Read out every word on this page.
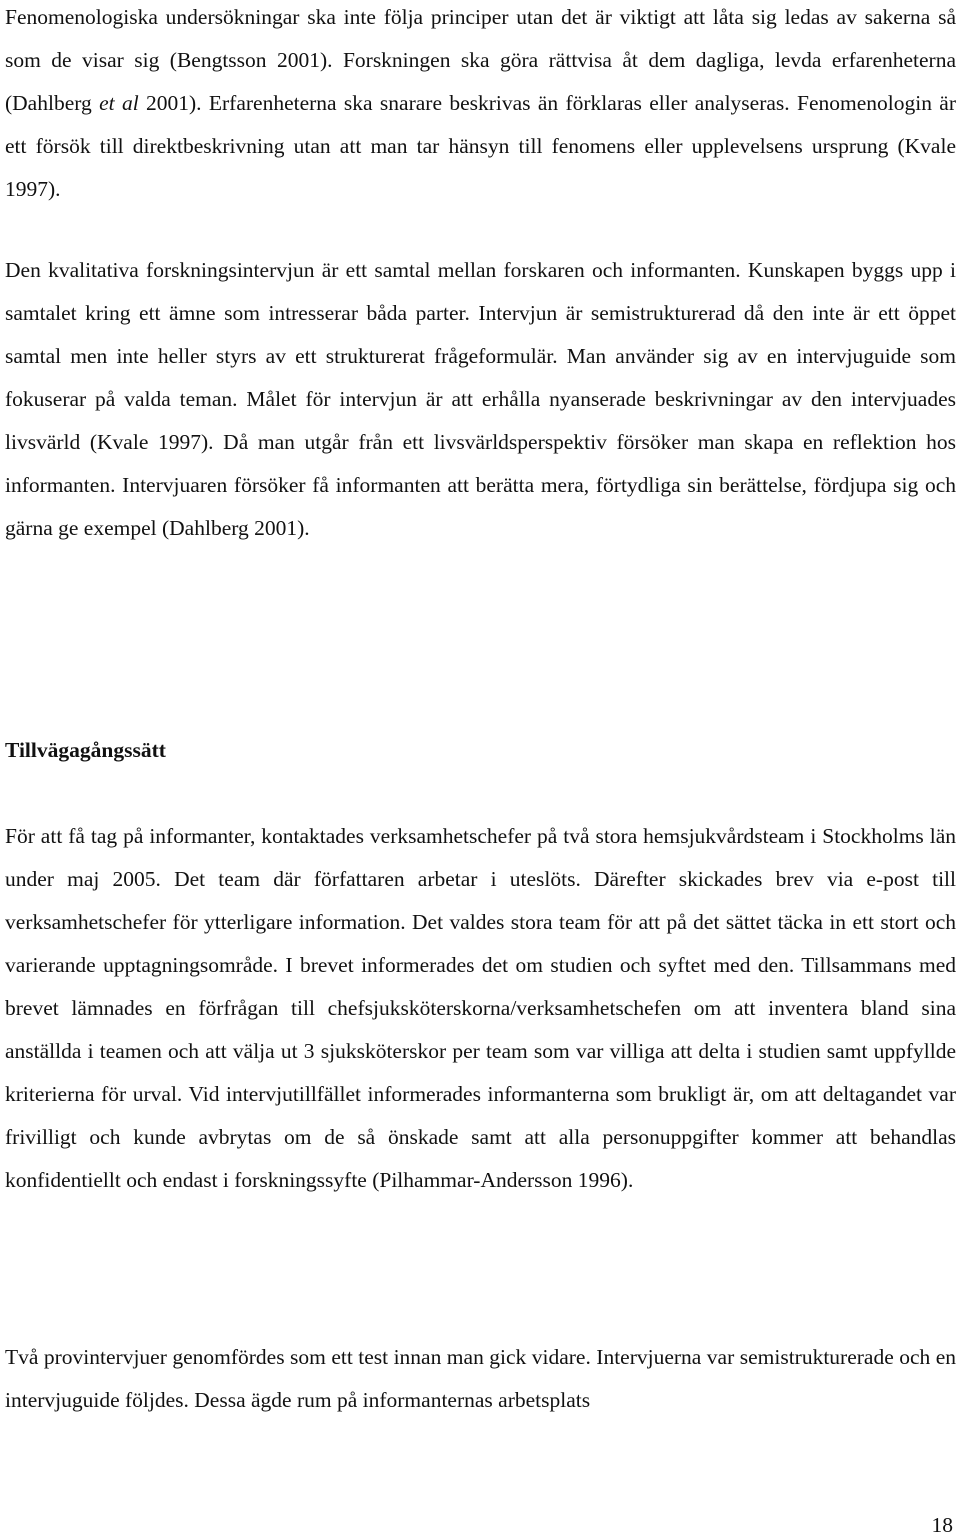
Fenomenologiska undersökningar ska inte följa principer utan det är viktigt att låta sig ledas av sakerna så som de visar sig (Bengtsson 2001). Forskningen ska göra rättvisa åt dem dagliga, levda erfarenheterna (Dahlberg et al 2001). Erfarenheterna ska snarare beskrivas än förklaras eller analyseras. Fenomenologin är ett försök till direktbeskrivning utan att man tar hänsyn till fenomens eller upplevelsens ursprung (Kvale 1997).

Den kvalitativa forskningsintervjun är ett samtal mellan forskaren och informanten. Kunskapen byggs upp i samtalet kring ett ämne som intresserar båda parter. Intervjun är semistrukturerad då den inte är ett öppet samtal men inte heller styrs av ett strukturerat frågeformulär. Man använder sig av en intervjuguide som fokuserar på valda teman. Målet för intervjun är att erhålla nyanserade beskrivningar av den intervjuades livsvärld (Kvale 1997). Då man utgår från ett livsvärldsperspektiv försöker man skapa en reflektion hos informanten. Intervjuaren försöker få informanten att berätta mera, förtydliga sin berättelse, fördjupa sig och gärna ge exempel (Dahlberg 2001).

Tillvägagångssätt

För att få tag på informanter, kontaktades verksamhetschefer på två stora hemsjukvårdsteam i Stockholms län under maj 2005. Det team där författaren arbetar i uteslöts. Därefter skickades brev via e-post till verksamhetschefer för ytterligare information. Det valdes stora team för att på det sättet täcka in ett stort och varierande upptagningsområde. I brevet informerades det om studien och syftet med den. Tillsammans med brevet lämnades en förfrågan till chefsjuksköterskorna/verksamhetschefen om att inventera bland sina anställda i teamen och att välja ut 3 sjuksköterskor per team som var villiga att delta i studien samt uppfyllde kriterierna för urval. Vid intervjutillfället informerades informanterna som brukligt är, om att deltagandet var frivilligt och kunde avbrytas om de så önskade samt att alla personuppgifter kommer att behandlas konfidentiellt och endast i forskningssyfte (Pilhammar-Andersson 1996).

Två provintervjuer genomfördes som ett test innan man gick vidare. Intervjuerna var semistrukturerade och en intervjuguide följdes. Dessa ägde rum på informanternas arbetsplats

18
